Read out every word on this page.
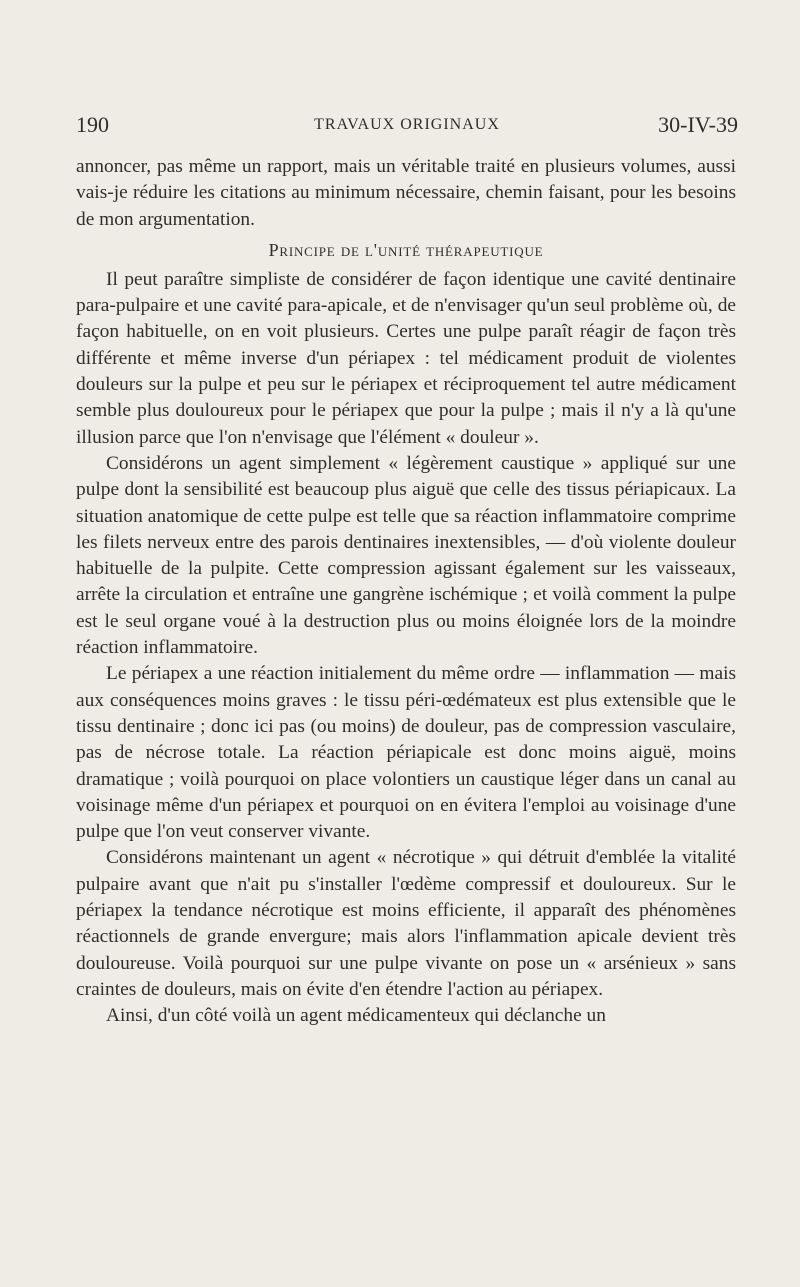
190	TRAVAUX ORIGINAUX	30-IV-39

annoncer, pas même un rapport, mais un véritable traité en plusieurs volumes, aussi vais-je réduire les citations au minimum nécessaire, chemin faisant, pour les besoins de mon argumentation.

Principe de l'unité thérapeutique

Il peut paraître simpliste de considérer de façon identique une cavité dentinaire para-pulpaire et une cavité para-apicale, et de n'envisager qu'un seul problème où, de façon habituelle, on en voit plusieurs. Certes une pulpe paraît réagir de façon très différente et même inverse d'un périapex : tel médicament produit de violentes douleurs sur la pulpe et peu sur le périapex et réciproquement tel autre médicament semble plus douloureux pour le périapex que pour la pulpe ; mais il n'y a là qu'une illusion parce que l'on n'envisage que l'élément « douleur ».

Considérons un agent simplement « légèrement caustique » appliqué sur une pulpe dont la sensibilité est beaucoup plus aiguë que celle des tissus périapicaux. La situation anatomique de cette pulpe est telle que sa réaction inflammatoire comprime les filets nerveux entre des parois dentinaires inextensibles, — d'où violente douleur habituelle de la pulpite. Cette compression agissant également sur les vaisseaux, arrête la circulation et entraîne une gangrène ischémique ; et voilà comment la pulpe est le seul organe voué à la destruction plus ou moins éloignée lors de la moindre réaction inflammatoire.

Le périapex a une réaction initialement du même ordre — inflammation — mais aux conséquences moins graves : le tissu péri-œdémateux est plus extensible que le tissu dentinaire ; donc ici pas (ou moins) de douleur, pas de compression vasculaire, pas de nécrose totale. La réaction périapicale est donc moins aiguë, moins dramatique ; voilà pourquoi on place volontiers un caustique léger dans un canal au voisinage même d'un périapex et pourquoi on en évitera l'emploi au voisinage d'une pulpe que l'on veut conserver vivante.

Considérons maintenant un agent « nécrotique » qui détruit d'emblée la vitalité pulpaire avant que n'ait pu s'installer l'œdème compressif et douloureux. Sur le périapex la tendance nécrotique est moins efficiente, il apparaît des phénomènes réactionnels de grande envergure; mais alors l'inflammation apicale devient très douloureuse. Voilà pourquoi sur une pulpe vivante on pose un « arsénieux » sans craintes de douleurs, mais on évite d'en étendre l'action au périapex.

Ainsi, d'un côté voilà un agent médicamenteux qui déclanche un
